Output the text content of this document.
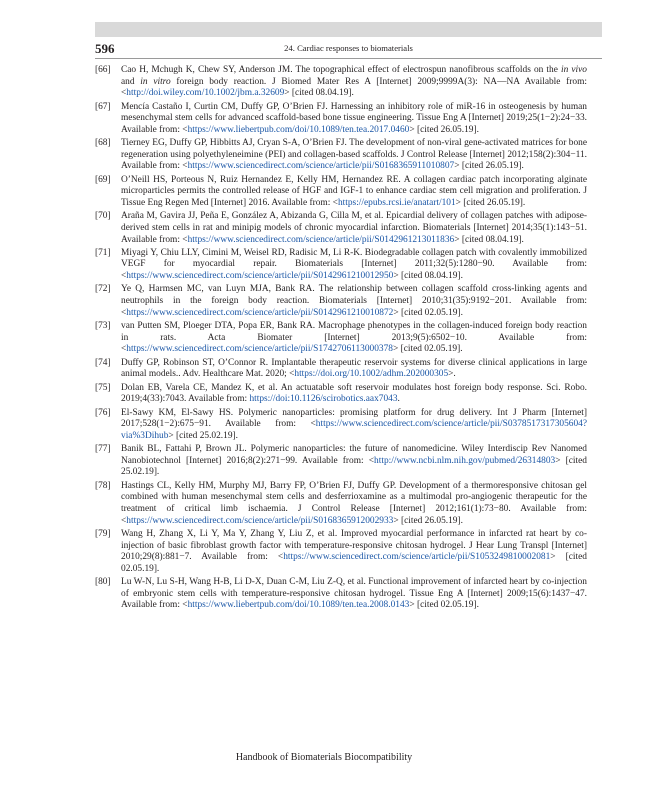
596	24. Cardiac responses to biomaterials
[66] Cao H, Mchugh K, Chew SY, Anderson JM. The topographical effect of electrospun nanofibrous scaffolds on the in vivo and in vitro foreign body reaction. J Biomed Mater Res A [Internet] 2009;9999A(3): NA—NA Available from: <http://doi.wiley.com/10.1002/jbm.a.32609> [cited 08.04.19].
[67] Mencía Castaño I, Curtin CM, Duffy GP, O’Brien FJ. Harnessing an inhibitory role of miR-16 in osteogenesis by human mesenchymal stem cells for advanced scaffold-based bone tissue engineering. Tissue Eng A [Internet] 2019;25(1−2):24−33. Available from: <https://www.liebertpub.com/doi/10.1089/ten.tea.2017.0460> [cited 26.05.19].
[68] Tierney EG, Duffy GP, Hibbitts AJ, Cryan S-A, O’Brien FJ. The development of non-viral gene-activated matrices for bone regeneration using polyethyleneimine (PEI) and collagen-based scaffolds. J Control Release [Internet] 2012;158(2):304−11. Available from: <https://www.sciencedirect.com/science/article/pii/S0168365911010807> [cited 26.05.19].
[69] O’Neill HS, Porteous N, Ruiz Hernandez E, Kelly HM, Hernandez RE. A collagen cardiac patch incorporating alginate microparticles permits the controlled release of HGF and IGF-1 to enhance cardiac stem cell migration and proliferation. J Tissue Eng Regen Med [Internet] 2016. Available from: <https://epubs.rcsi.ie/anatart/101> [cited 26.05.19].
[70] Araña M, Gavira JJ, Peña E, González A, Abizanda G, Cilla M, et al. Epicardial delivery of collagen patches with adipose-derived stem cells in rat and minipig models of chronic myocardial infarction. Biomaterials [Internet] 2014;35(1):143−51. Available from: <https://www.sciencedirect.com/science/article/pii/S0142961213011836> [cited 08.04.19].
[71] Miyagi Y, Chiu LLY, Cimini M, Weisel RD, Radisic M, Li R-K. Biodegradable collagen patch with covalently immobilized VEGF for myocardial repair. Biomaterials [Internet] 2011;32(5):1280−90. Available from: <https://www.sciencedirect.com/science/article/pii/S0142961210012950> [cited 08.04.19].
[72] Ye Q, Harmsen MC, van Luyn MJA, Bank RA. The relationship between collagen scaffold cross-linking agents and neutrophils in the foreign body reaction. Biomaterials [Internet] 2010;31(35):9192−201. Available from: <https://www.sciencedirect.com/science/article/pii/S0142961210010872> [cited 02.05.19].
[73] van Putten SM, Ploeger DTA, Popa ER, Bank RA. Macrophage phenotypes in the collagen-induced foreign body reaction in rats. Acta Biomater [Internet] 2013;9(5):6502−10. Available from: <https://www.sciencedirect.com/science/article/pii/S1742706113000378> [cited 02.05.19].
[74] Duffy GP, Robinson ST, O’Connor R. Implantable therapeutic reservoir systems for diverse clinical applications in large animal models.. Adv. Healthcare Mat. 2020; <https://doi.org/10.1002/adhm.202000305>.
[75] Dolan EB, Varela CE, Mandez K, et al. An actuatable soft reservoir modulates host foreign body response. Sci. Robo. 2019;4(33):7043. Available from: https://doi:10.1126/scirobotics.aax7043.
[76] El-Sawy KM, El-Sawy HS. Polymeric nanoparticles: promising platform for drug delivery. Int J Pharm [Internet] 2017;528(1−2):675−91. Available from: <https://www.sciencedirect.com/science/article/pii/S0378517317305604?via%3Dihub> [cited 25.02.19].
[77] Banik BL, Fattahi P, Brown JL. Polymeric nanoparticles: the future of nanomedicine. Wiley Interdiscip Rev Nanomed Nanobiotechnol [Internet] 2016;8(2):271−99. Available from: <http://www.ncbi.nlm.nih.gov/pubmed/26314803> [cited 25.02.19].
[78] Hastings CL, Kelly HM, Murphy MJ, Barry FP, O’Brien FJ, Duffy GP. Development of a thermoresponsive chitosan gel combined with human mesenchymal stem cells and desferrioxamine as a multimodal pro-angiogenic therapeutic for the treatment of critical limb ischaemia. J Control Release [Internet] 2012;161(1):73−80. Available from: <https://www.sciencedirect.com/science/article/pii/S0168365912002933> [cited 26.05.19].
[79] Wang H, Zhang X, Li Y, Ma Y, Zhang Y, Liu Z, et al. Improved myocardial performance in infarcted rat heart by co-injection of basic fibroblast growth factor with temperature-responsive chitosan hydrogel. J Hear Lung Transpl [Internet] 2010;29(8):881−7. Available from: <https://www.sciencedirect.com/science/article/pii/S1053249810002081> [cited 02.05.19].
[80] Lu W-N, Lu S-H, Wang H-B, Li D-X, Duan C-M, Liu Z-Q, et al. Functional improvement of infarcted heart by co-injection of embryonic stem cells with temperature-responsive chitosan hydrogel. Tissue Eng A [Internet] 2009;15(6):1437−47. Available from: <https://www.liebertpub.com/doi/10.1089/ten.tea.2008.0143> [cited 02.05.19].
Handbook of Biomaterials Biocompatibility
